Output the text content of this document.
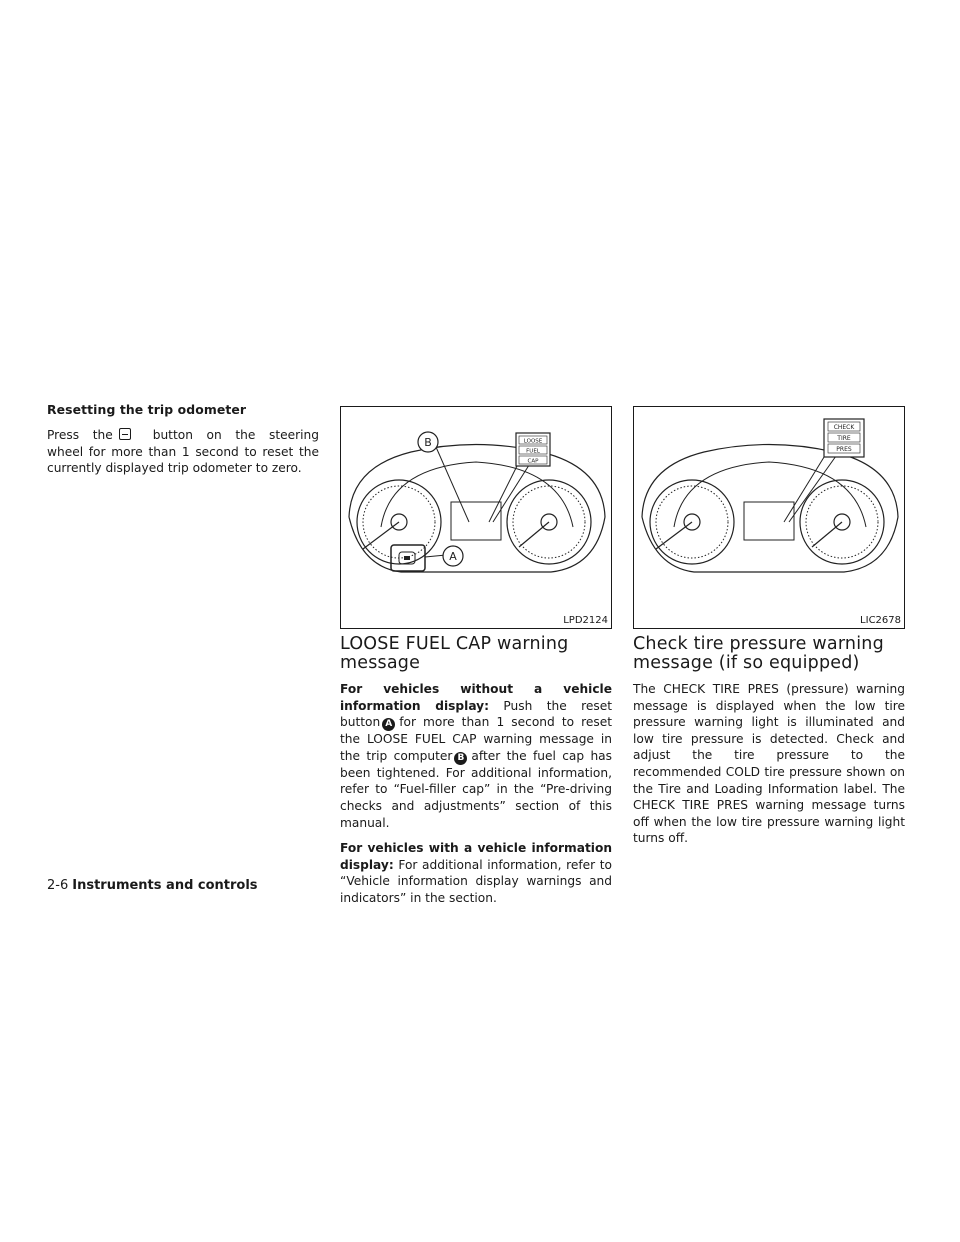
Resetting the trip odometer

Press the	button on the steering wheel for more than 1 second to reset the currently displayed trip odometer to zero.

B
A
LOOSE
FUEL
CAP
LPD2124
LOOSE FUEL CAP warning message

For vehicles without a vehicle information display: Push the reset button A for more than 1 second to reset the LOOSE FUEL CAP warning message in the trip computer B after the fuel cap has been tightened. For additional information, refer to “Fuel-filler cap” in the “Pre-driving checks and adjustments” section of this manual.

For vehicles with a vehicle information display: For additional information, refer to “Vehicle information display warnings and indicators” in the section.

CHECK
TIRE
PRES
LIC2678
Check tire pressure warning message (if so equipped)

The CHECK TIRE PRES (pressure) warning message is displayed when the low tire pressure warning light is illuminated and low tire pressure is detected. Check and adjust the tire pressure to the recommended COLD tire pressure shown on the Tire and Loading Information label. The CHECK TIRE PRES warning message turns off when the low tire pressure warning light turns off.

2-6 Instruments and controls
